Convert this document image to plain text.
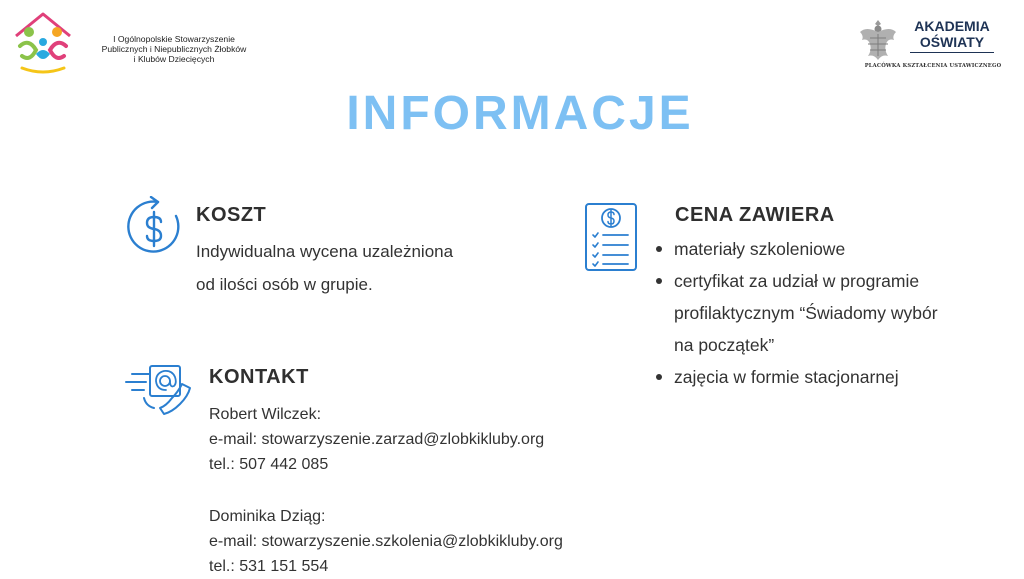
I Ogólnopolskie Stowarzyszenie
Publicznych i Niepublicznych Żłobków
i Klubów Dziecięcych
AKADEMIA
OŚWIATY
PLACÓWKA KSZTAŁCENIA USTAWICZNEGO
INFORMACJE
KOSZT
Indywidualna wycena uzależniona
od ilości osób w grupie.
CENA ZAWIERA
materiały szkoleniowe
certyfikat za udział w programie
profilaktycznym “Świadomy wybór
na początek”
zajęcia w formie stacjonarnej
KONTAKT
Robert Wilczek:
e-mail: stowarzyszenie.zarzad@zlobkikluby.org
tel.: 507 442 085
Dominika Dziąg:
e-mail: stowarzyszenie.szkolenia@zlobkikluby.org
tel.: 531 151 554
